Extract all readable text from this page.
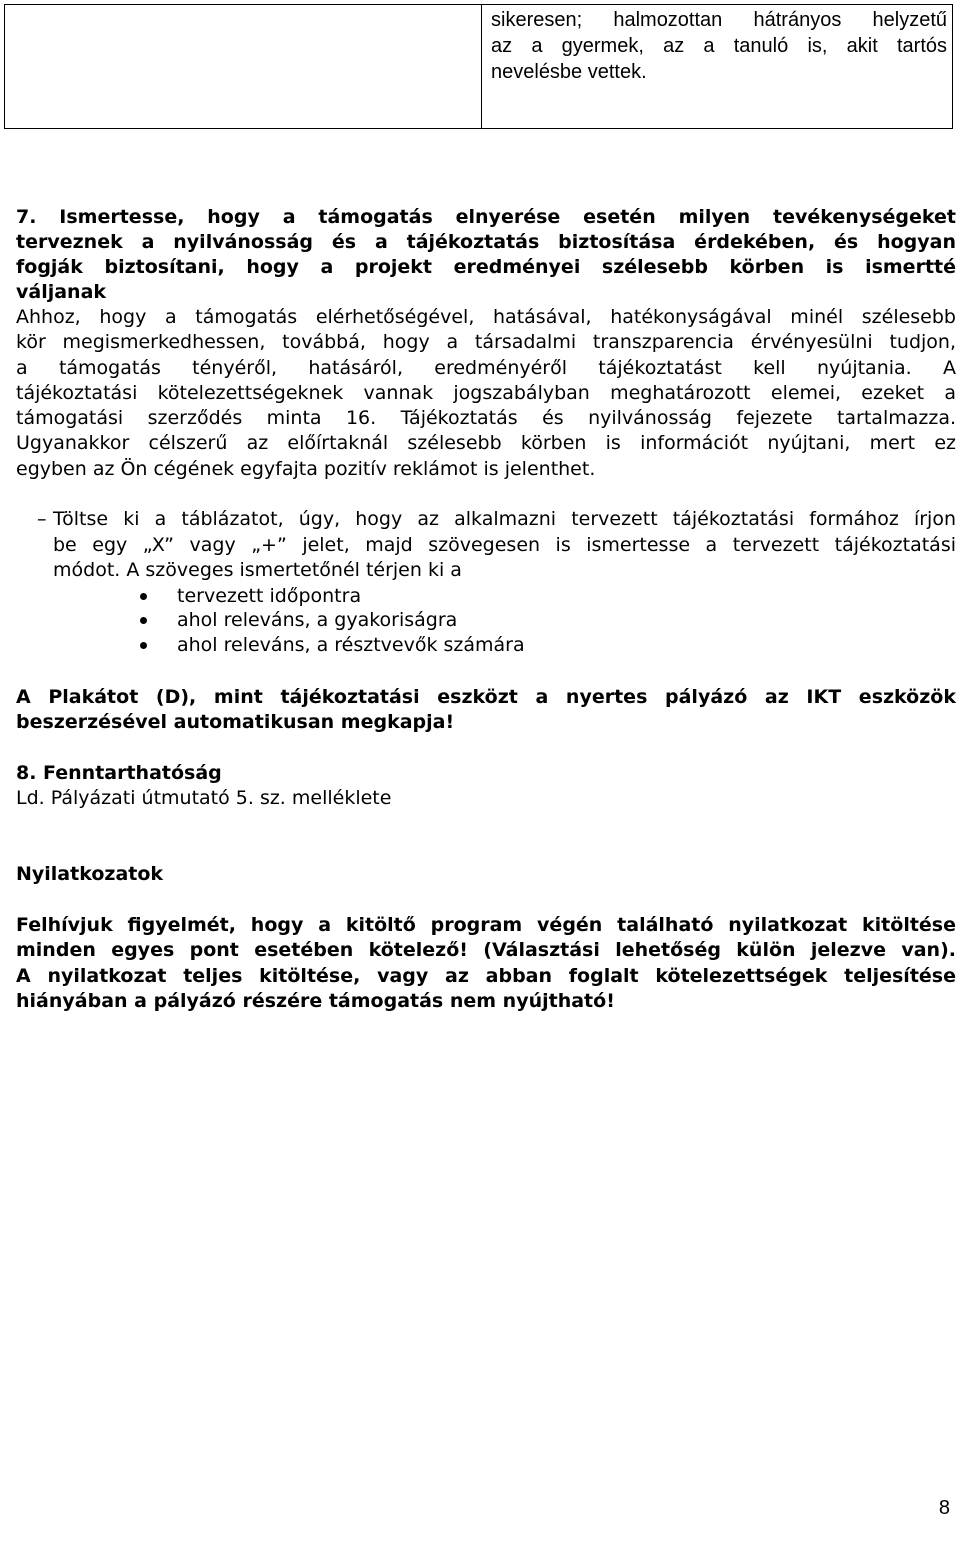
sikeresen; halmozottan hátrányos helyzetű
az a gyermek, az a tanuló is, akit tartós
nevelésbe vettek.
7. Ismertesse, hogy a támogatás elnyerése esetén milyen tevékenységeket
terveznek a nyilvánosság és a tájékoztatás biztosítása érdekében, és hogyan
fogják biztosítani, hogy a projekt eredményei szélesebb körben is ismertté
váljanak
Ahhoz, hogy a támogatás elérhetőségével, hatásával, hatékonyságával minél szélesebb
kör megismerkedhessen, továbbá, hogy a társadalmi transzparencia érvényesülni tudjon,
a támogatás tényéről, hatásáról, eredményéről tájékoztatást kell nyújtania. A
tájékoztatási kötelezettségeknek vannak jogszabályban meghatározott elemei, ezeket a
támogatási szerződés minta 16. Tájékoztatás és nyilvánosság fejezete tartalmazza.
Ugyanakkor célszerű az előírtaknál szélesebb körben is információt nyújtani, mert ez
egyben az Ön cégének egyfajta pozitív reklámot is jelenthet.
– Töltse ki a táblázatot, úgy, hogy az alkalmazni tervezett tájékoztatási formához írjon
be egy „X” vagy „+” jelet, majd szövegesen is ismertesse a tervezett tájékoztatási
módot. A szöveges ismertetőnél térjen ki a
tervezett időpontra
ahol releváns, a gyakoriságra
ahol releváns, a résztvevők számára
A Plakátot (D), mint tájékoztatási eszközt a nyertes pályázó az IKT eszközök
beszerzésével automatikusan megkapja!
8. Fenntarthatóság
Ld. Pályázati útmutató 5. sz. melléklete
Nyilatkozatok
Felhívjuk figyelmét, hogy a kitöltő program végén található nyilatkozat kitöltése
minden egyes pont esetében kötelező! (Választási lehetőség külön jelezve van).
A nyilatkozat teljes kitöltése, vagy az abban foglalt kötelezettségek teljesítése
hiányában a pályázó részére támogatás nem nyújtható!
8
